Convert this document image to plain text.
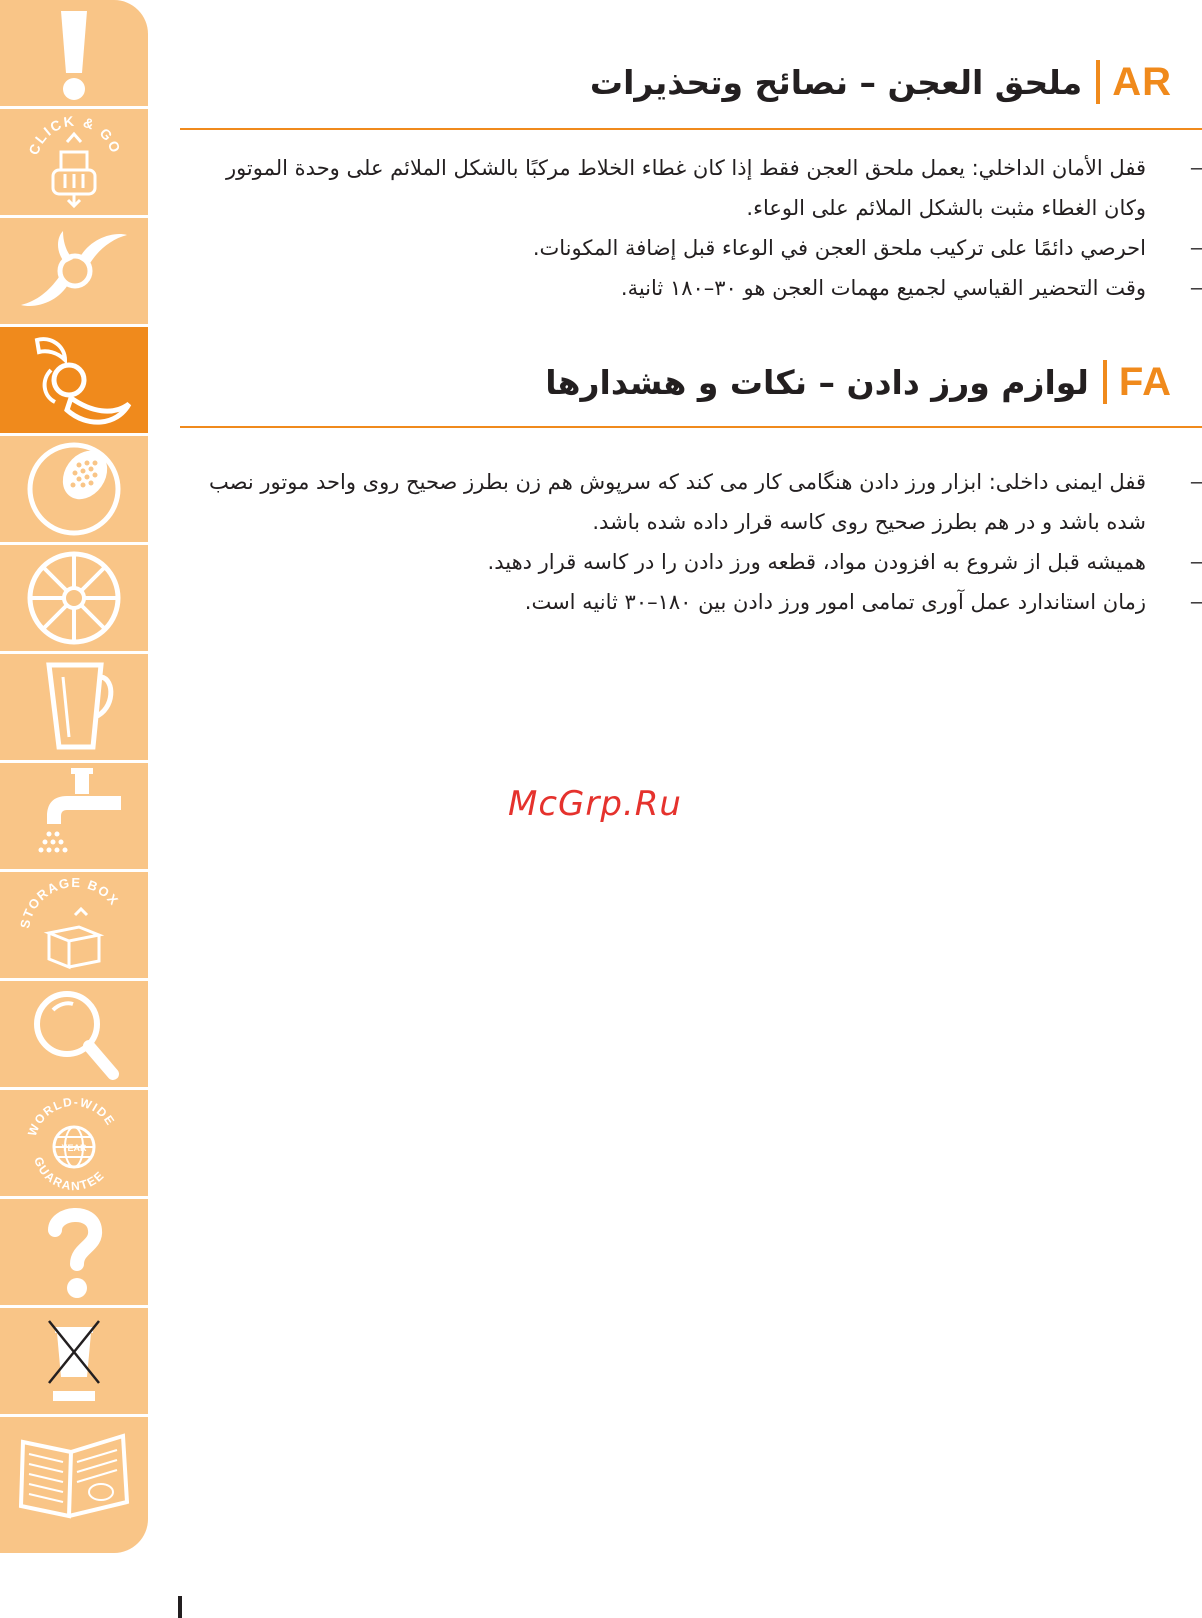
CLICK & GO
STORAGE BOX
WORLD-WIDE
GUARANTEE
YEAR
ملحق العجن – نصائح وتحذيرات AR
–
قفل الأمان الداخلي: يعمل ملحق العجن فقط إذا كان غطاء الخلاط مركبًا بالشكل الملائم على وحدة الموتور وكان الغطاء مثبت بالشكل الملائم على الوعاء.
–
احرصي دائمًا على تركيب ملحق العجن في الوعاء قبل إضافة المكونات.
–
وقت التحضير القياسي لجميع مهمات العجن هو ٣٠–١٨٠ ثانية.
لوازم ورز دادن – نکات و هشدارها FA
–
قفل ایمنی داخلی: ابزار ورز دادن هنگامی کار می کند که سرپوش هم زن بطرز صحیح روی واحد موتور نصب شده باشد و در هم بطرز صحیح روی کاسه قرار داده شده باشد.
–
همیشه قبل از شروع به افزودن مواد، قطعه ورز دادن را در کاسه قرار دهید.
–
زمان استاندارد عمل آوری تمامی امور ورز دادن بین ۱۸۰–۳۰ ثانیه است.
McGrp.Ru
